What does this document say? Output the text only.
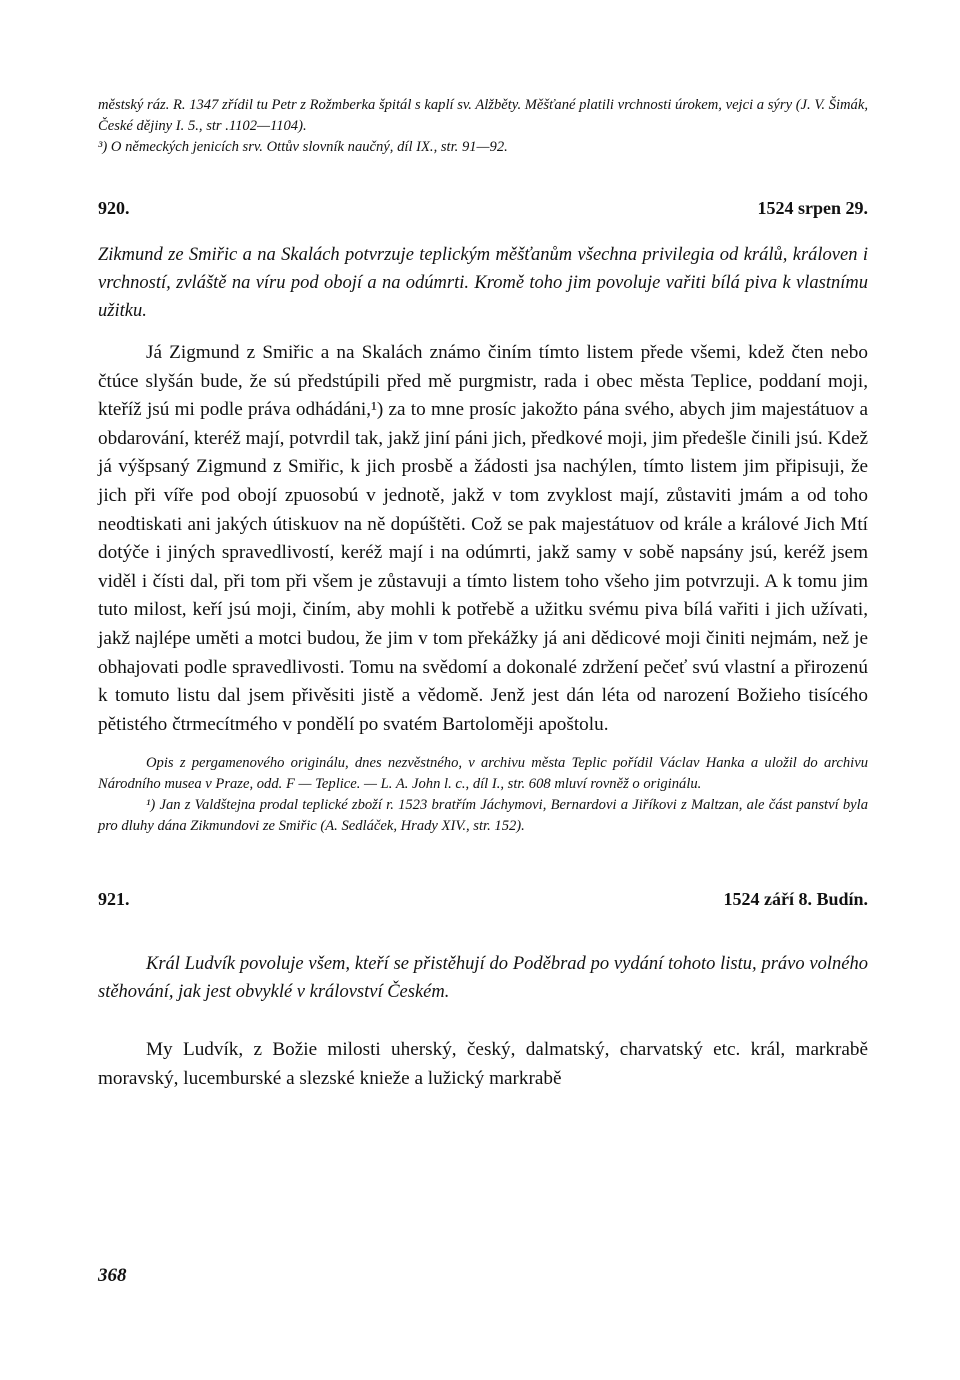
městský ráz. R. 1347 zřídil tu Petr z Rožmberka špitál s kaplí sv. Alžběty. Měšťané platili vrchnosti úrokem, vejci a sýry (J. V. Šimák, České dějiny I. 5., str .1102—1104).

³) O německých jenicích srv. Ottův slovník naučný, díl IX., str. 91—92.

920.	1524 srpen 29.

Zikmund ze Smiřic a na Skalách potvrzuje teplickým měšťanům všechna privilegia od králů, královen i vrchností, zvláště na víru pod obojí a na odúmrti. Kromě toho jim povoluje vařiti bílá piva k vlastnímu užitku.

Já Zigmund z Smiřic a na Skalách známo činím tímto listem přede všemi, kdež čten nebo čtúce slyšán bude, že sú předstúpili před mě purgmistr, rada i obec města Teplice, poddaní moji, kteříž jsú mi podle práva odhádáni,¹) za to mne prosíc jakožto pána svého, abych jim majestátuov a obdarování, kteréž mají, potvrdil tak, jakž jiní páni jich, předkové moji, jim předešle činili jsú. Kdež já výšpsaný Zigmund z Smiřic, k jich prosbě a žádosti jsa nachýlen, tímto listem jim připisuji, že jich při víře pod obojí zpuosobú v jednotě, jakž v tom zvyklost mají, zůstaviti jmám a od toho neodtiskati ani jakých útiskuov na ně dopúštěti. Což se pak majestátuov od krále a králové Jich Mtí dotýče i jiných spravedlivostí, keréž mají i na odúmrti, jakž samy v sobě napsány jsú, keréž jsem viděl i čísti dal, při tom při všem je zůstavuji a tímto listem toho všeho jim potvrzuji. A k tomu jim tuto milost, keří jsú moji, činím, aby mohli k potřebě a užitku svému piva bílá vařiti i jich užívati, jakž najlépe uměti a motci budou, že jim v tom překážky já ani dědicové moji činiti nejmám, než je obhajovati podle spravedlivosti. Tomu na svědomí a dokonalé zdržení pečeť svú vlastní a přirozenú k tomuto listu dal jsem přivěsiti jistě a vědomě. Jenž jest dán léta od narození Božieho tisícého pětistého čtrmecítmého v pondělí po svatém Bartoloměji apoštolu.

Opis z pergamenového originálu, dnes nezvěstného, v archivu města Teplic pořídil Václav Hanka a uložil do archivu Národního musea v Praze, odd. F — Teplice. — L. A. John l. c., díl I., str. 608 mluví rovněž o originálu.

¹) Jan z Valdštejna prodal teplické zboží r. 1523 bratřím Jáchymovi, Bernardovi a Jiříkovi z Maltzan, ale část panství byla pro dluhy dána Zikmundovi ze Smiřic (A. Sedláček, Hrady XIV., str. 152).

921.	1524 září 8. Budín.

Král Ludvík povoluje všem, kteří se přistěhují do Poděbrad po vydání tohoto listu, právo volného stěhování, jak jest obvyklé v království Českém.

My Ludvík, z Božie milosti uherský, český, dalmatský, charvatský etc. král, markrabě moravský, lucemburské a slezské knieže a lužický markrabě

368
